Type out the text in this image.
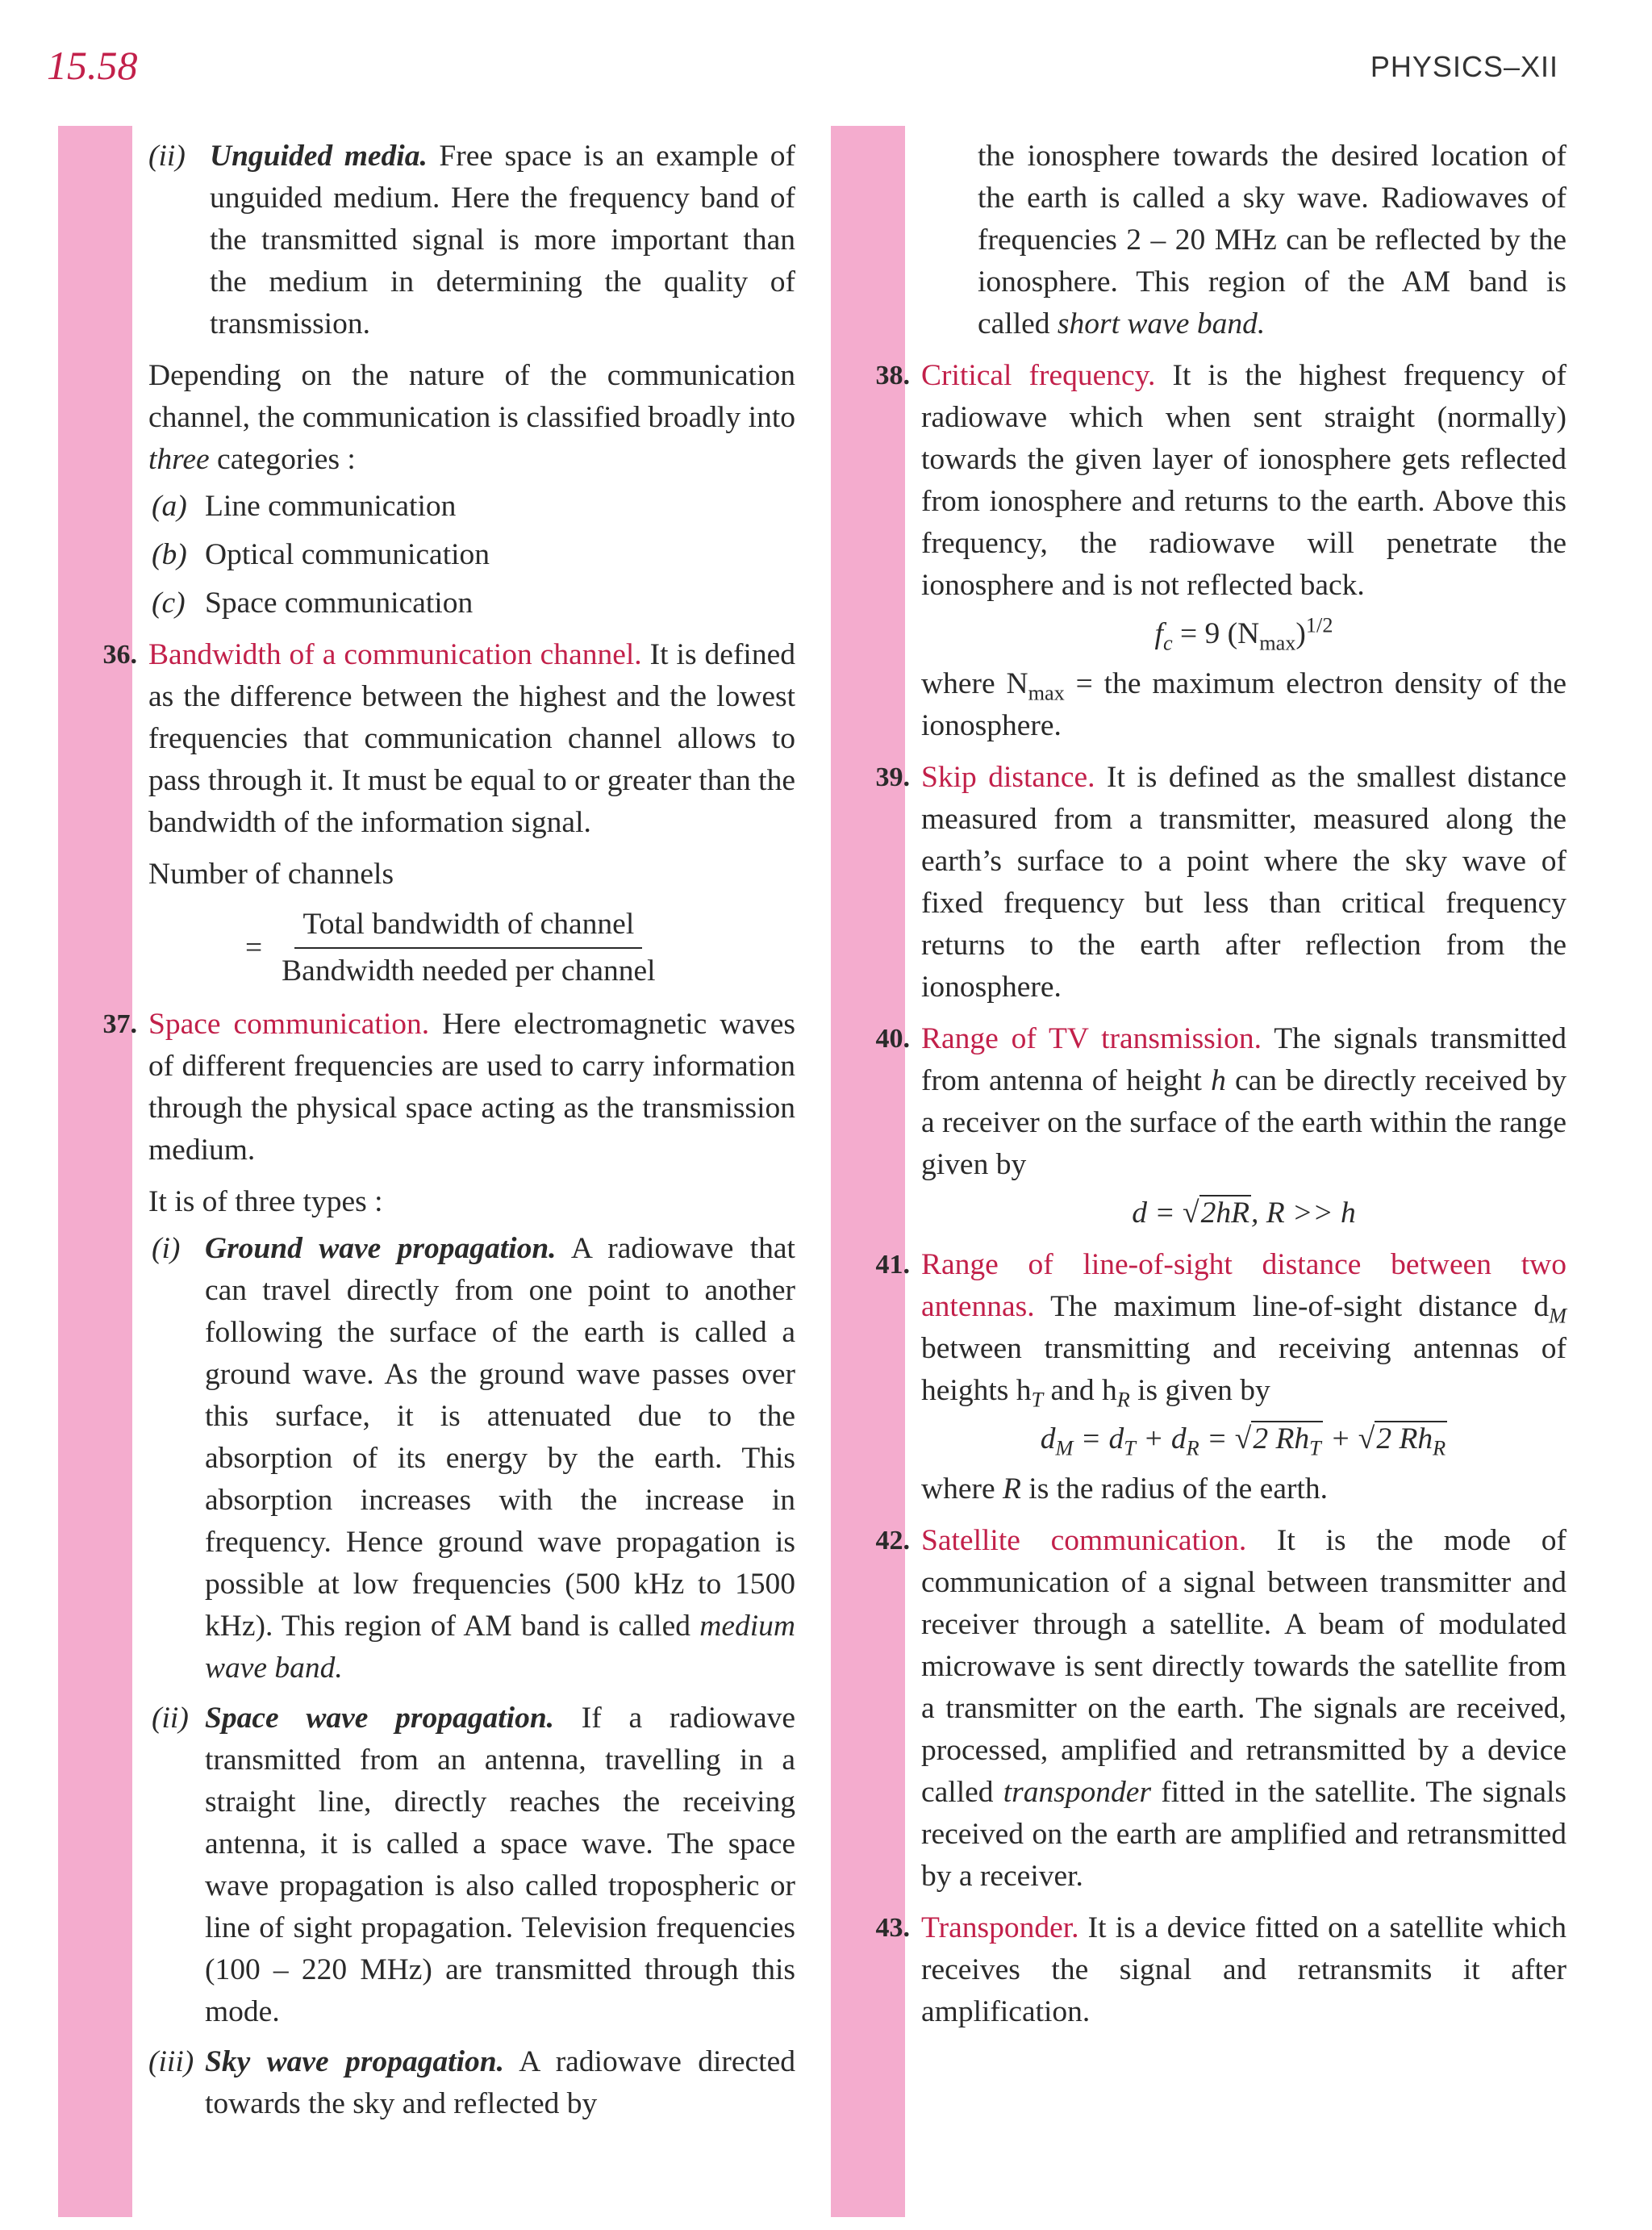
15.58	PHYSICS–XII

(ii) Unguided media. Free space is an example of unguided medium. Here the frequency band of the transmitted signal is more important than the medium in determining the quality of transmission.

Depending on the nature of the communication channel, the communication is classified broadly into three categories :

(a) Line communication

(b) Optical communication

(c) Space communication

36. Bandwidth of a communication channel. It is defined as the difference between the highest and the lowest frequencies that communication channel allows to pass through it. It must be equal to or greater than the bandwidth of the information signal.

Number of channels

= $\frac{\text{Total bandwidth of channel}}{\text{Bandwidth needed per channel}}$
37. Space communication. Here electromagnetic waves of different frequencies are used to carry information through the physical space acting as the transmission medium.

It is of three types :

(i) Ground wave propagation. A radiowave that can travel directly from one point to another following the surface of the earth is called a ground wave. As the ground wave passes over this surface, it is attenuated due to the absorption of its energy by the earth. This absorption increases with the increase in frequency. Hence ground wave propagation is possible at low frequencies (500 kHz to 1500 kHz). This region of AM band is called medium wave band.

(ii) Space wave propagation. If a radiowave transmitted from an antenna, travelling in a straight line, directly reaches the receiving antenna, it is called a space wave. The space wave propagation is also called tropospheric or line of sight propagation. Television frequencies (100 – 220 MHz) are transmitted through this mode.

(iii) Sky wave propagation. A radiowave directed towards the sky and reflected by

the ionosphere towards the desired location of the earth is called a sky wave. Radiowaves of frequencies 2 – 20 MHz can be reflected by the ionosphere. This region of the AM band is called short wave band.

38. Critical frequency. It is the highest frequency of radiowave which when sent straight (normally) towards the given layer of ionosphere gets reflected from ionosphere and returns to the earth. Above this frequency, the radiowave will penetrate the ionosphere and is not reflected back.

$f_c = 9$ $(N_{max})^{1/2}$

where $N_{max}$ = the maximum electron density of the ionosphere.

39. Skip distance. It is defined as the smallest distance measured from a transmitter, measured along the earth’s surface to a point where the sky wave of fixed frequency but less than critical frequency returns to the earth after reflection from the ionosphere.

40. Range of TV transmission. The signals transmitted from antenna of height h can be directly received by a receiver on the surface of the earth within the range given by

d = √2hR, R >> h

41. Range of line-of-sight distance between two antennas. The maximum line-of-sight distance $d_M$ between transmitting and receiving antennas of heights $h_T$ and $h_R$ is given by

$d_M = d_T + d_R = √2$ $Rh_T + √2$ $Rh_R$

where R is the radius of the earth.

42. Satellite communication. It is the mode of communication of a signal between transmitter and receiver through a satellite. A beam of modulated microwave is sent directly towards the satellite from a transmitter on the earth. The signals are received, processed, amplified and retransmitted by a device called transponder fitted in the satellite. The signals received on the earth are amplified and retransmitted by a receiver.

43. Transponder. It is a device fitted on a satellite which receives the signal and retransmits it after amplification.
